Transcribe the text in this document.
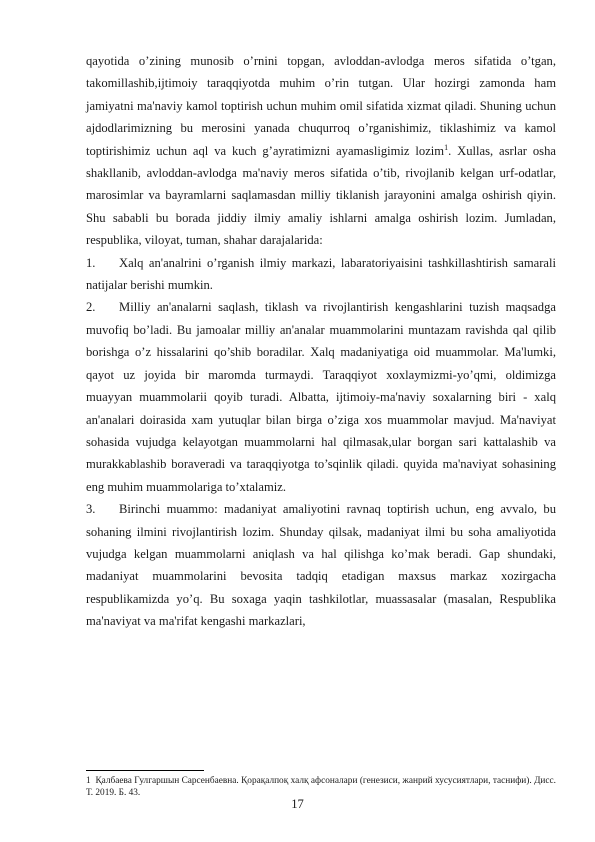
qayotida o’zining munosib o’rnini topgan, avloddan-avlodga meros sifatida o’tgan, takomillashib,ijtimoiy taraqqiyotda muhim o’rin tutgan. Ular hozirgi zamonda ham jamiyatni ma'naviy kamol toptirish uchun muhim omil sifatida xizmat qiladi. Shuning uchun ajdodlarimizning bu merosini yanada chuqurroq o’rganishimiz, tiklashimiz va kamol toptirishimiz uchun aql va kuch g’ayratimizni ayamasligimiz lozim$^1$. Xullas, asrlar osha shakllanib, avloddan-avlodga ma'naviy meros sifatida o’tib, rivojlanib kelgan urf-odatlar, marosimlar va bayramlarni saqlamasdan milliy tiklanish jarayonini amalga oshirish qiyin. Shu sababli bu borada jiddiy ilmiy amaliy ishlarni amalga oshirish lozim. Jumladan, respublika, viloyat, tuman, shahar darajalarida:

1. Xalq an'analrini o’rganish ilmiy markazi, labaratoriyaisini tashkillashtirish samarali natijalar berishi mumkin.

2. Milliy an'analarni saqlash, tiklash va rivojlantirish kengashlarini tuzish maqsadga muvofiq bo’ladi. Bu jamoalar milliy an'analar muammolarini muntazam ravishda qal qilib borishga o’z hissalarini qo’shib boradilar. Xalq madaniyatiga oid muammolar. Ma'lumki, qayot uz joyida bir maromda turmaydi. Taraqqiyot xoxlaymizmi-yo’qmi, oldimizga muayyan muammolarii qoyib turadi. Albatta, ijtimoiy-ma'naviy soxalarning biri - xalq an'analari doirasida xam yutuqlar bilan birga o’ziga xos muammolar mavjud. Ma'naviyat sohasida vujudga kelayotgan muammolarni hal qilmasak,ular borgan sari kattalashib va murakkablashib boraveradi va taraqqiyotga to’sqinlik qiladi. quyida ma'naviyat sohasining eng muhim muammolariga to’xtalamiz.

3. Birinchi muammo: madaniyat amaliyotini ravnaq toptirish uchun, eng avvalo, bu sohaning ilmini rivojlantirish lozim. Shunday qilsak, madaniyat ilmi bu soha amaliyotida vujudga kelgan muammolarni aniqlash va hal qilishga ko’mak beradi. Gap shundaki, madaniyat muammolarini bevosita tadqiq etadigan maxsus markaz xozirgacha respublikamizda yo’q. Bu soxaga yaqin tashkilotlar, muassasalar (masalan, Respublika ma'naviyat va ma'rifat kengashi markazlari,

1 Қалбаева Гулгаршын Сарсенбаевна. Қорақалпоқ халқ афсоналари (генезиси, жанрий хусусиятлари, таснифи). Дисс. Т. 2019. Б. 43.
17
